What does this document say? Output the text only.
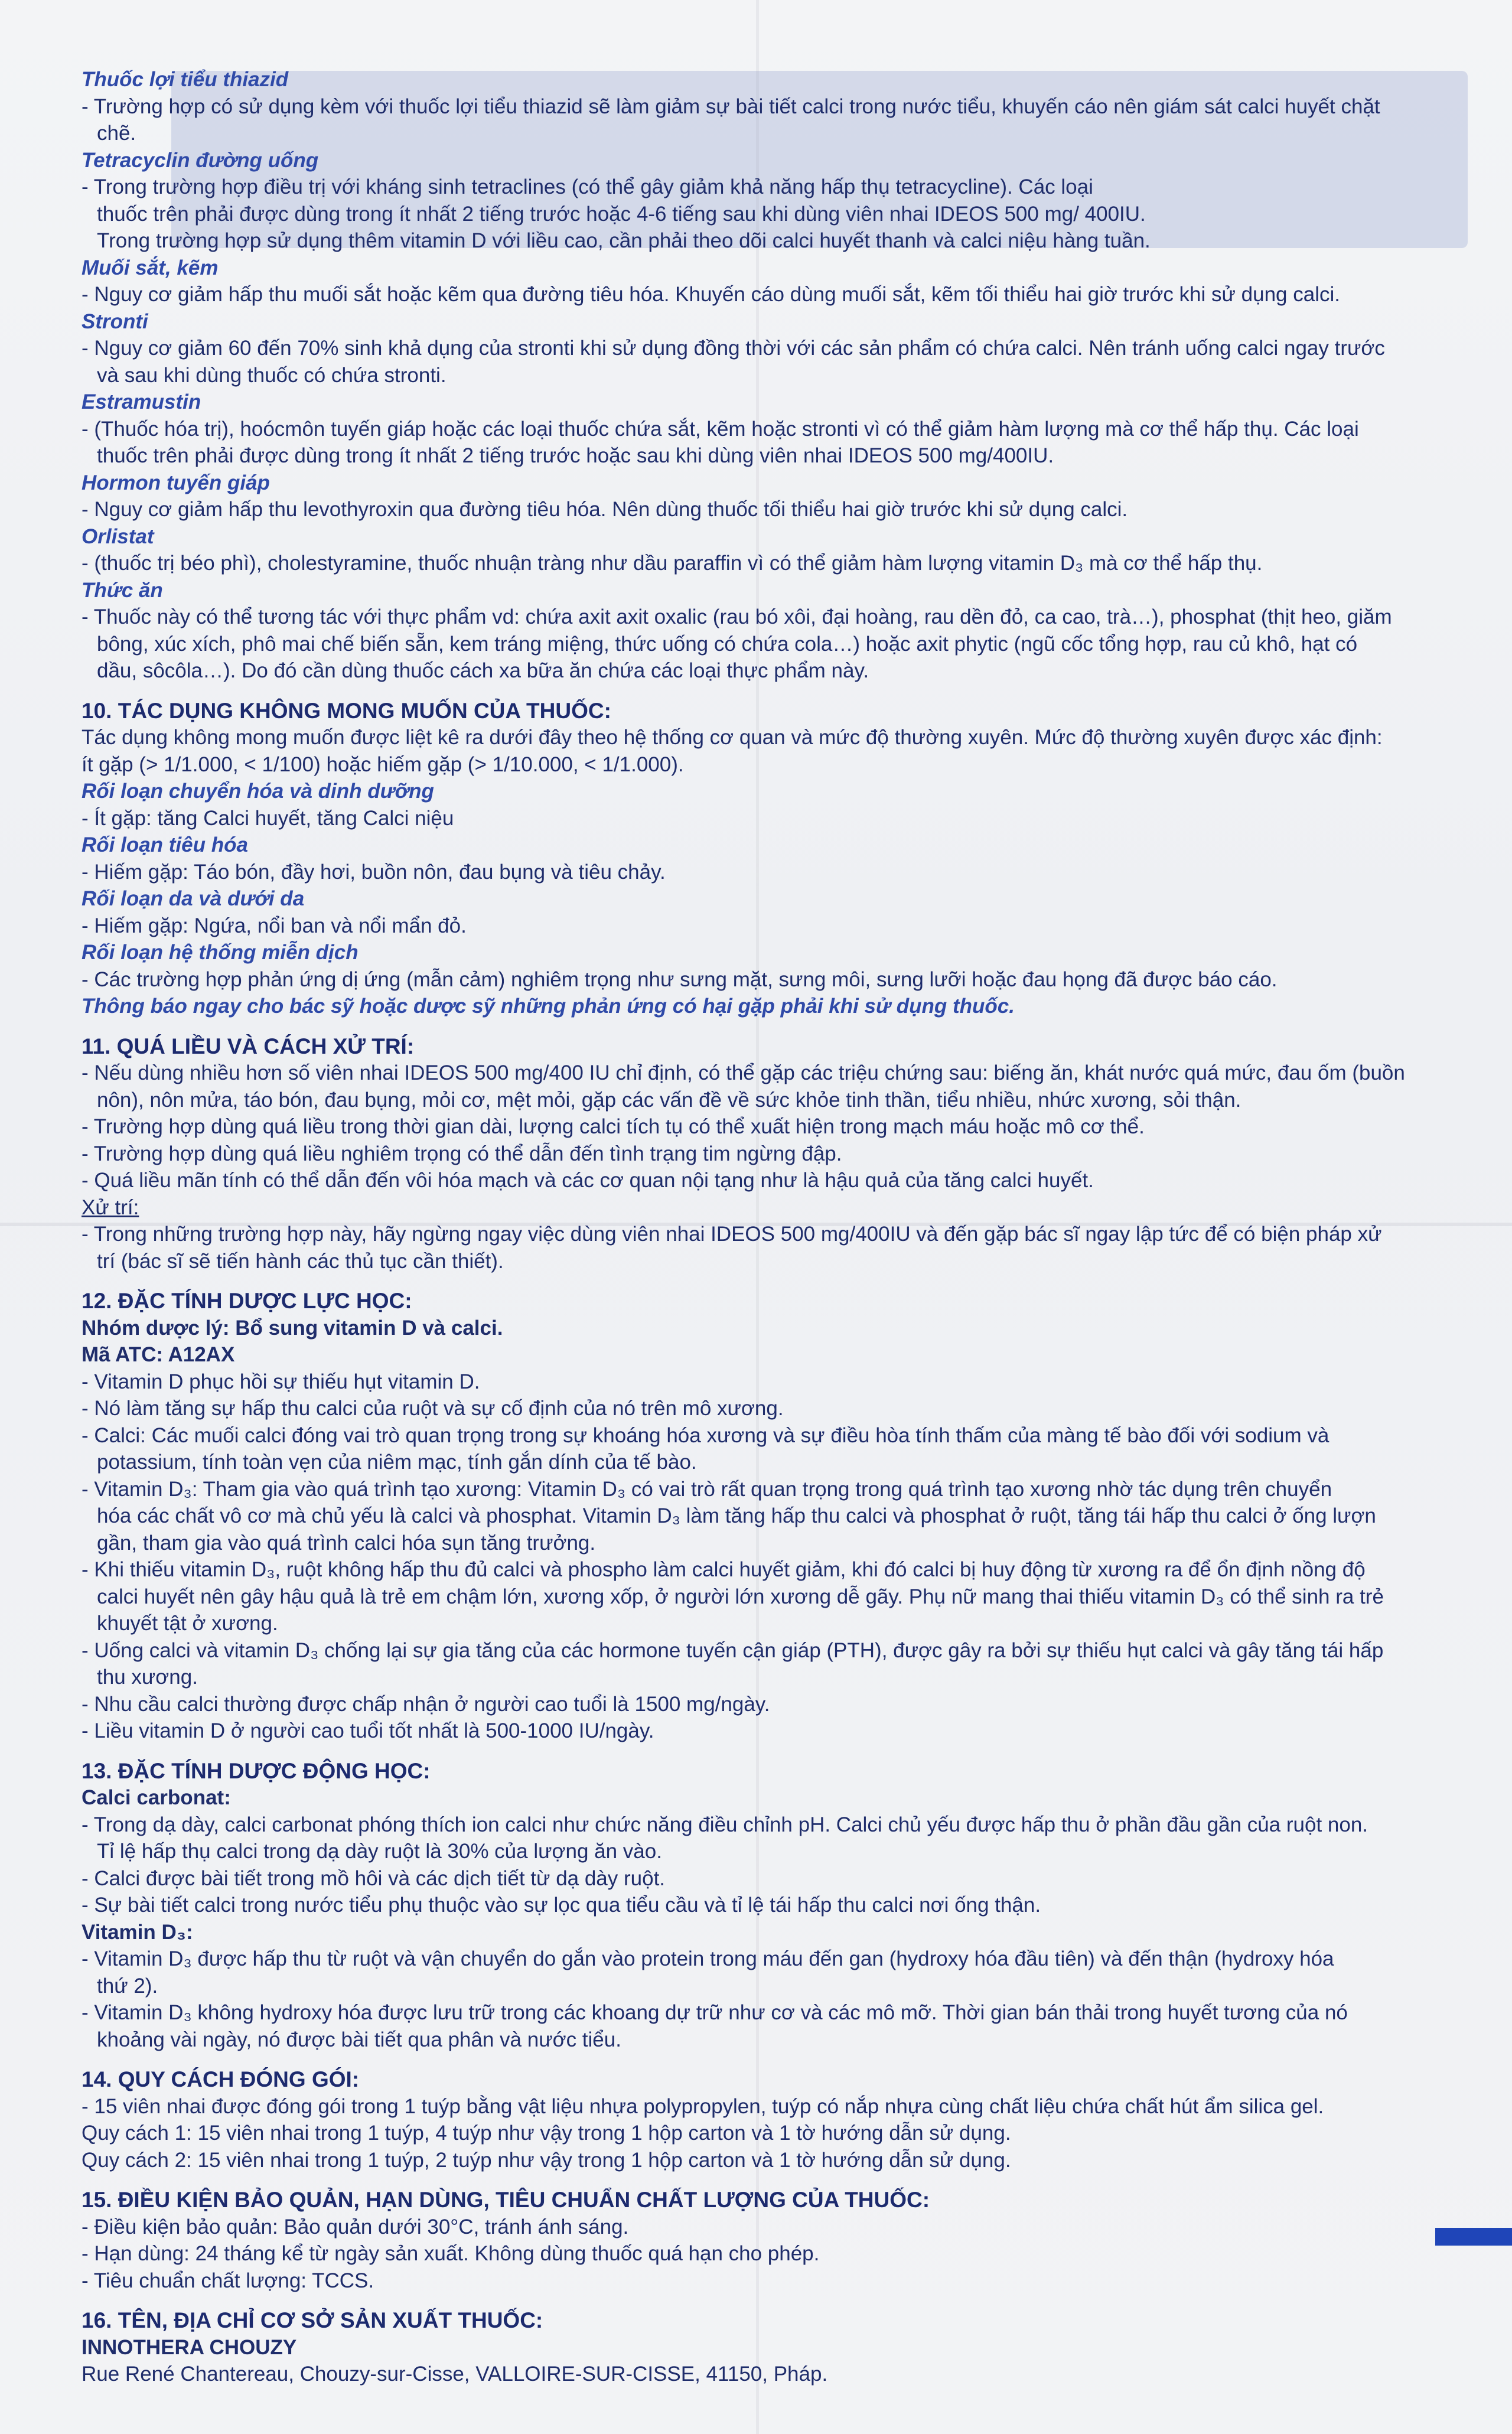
Thuốc lợi tiểu thiazid
- Trường hợp có sử dụng kèm với thuốc lợi tiểu thiazid sẽ làm giảm sự bài tiết calci trong nước tiểu, khuyến cáo nên giám sát calci huyết chặt
chẽ.
Tetracyclin đường uống
- Trong trường hợp điều trị với kháng sinh tetraclines (có thể gây giảm khả năng hấp thụ tetracycline). Các loại
thuốc trên phải được dùng trong ít nhất 2 tiếng trước hoặc 4-6 tiếng sau khi dùng viên nhai IDEOS 500 mg/ 400IU.
Trong trường hợp sử dụng thêm vitamin D với liều cao, cần phải theo dõi calci huyết thanh và calci niệu hàng tuần.
Muối sắt, kẽm
- Nguy cơ giảm hấp thu muối sắt hoặc kẽm qua đường tiêu hóa. Khuyến cáo dùng muối sắt, kẽm tối thiểu hai giờ trước khi sử dụng calci.
Stronti
- Nguy cơ giảm 60 đến 70% sinh khả dụng của stronti khi sử dụng đồng thời với các sản phẩm có chứa calci. Nên tránh uống calci ngay trước
và sau khi dùng thuốc có chứa stronti.
Estramustin
- (Thuốc hóa trị), hoócmôn tuyến giáp hoặc các loại thuốc chứa sắt, kẽm hoặc stronti vì có thể giảm hàm lượng mà cơ thể hấp thụ. Các loại
thuốc trên phải được dùng trong ít nhất 2 tiếng trước hoặc sau khi dùng viên nhai IDEOS 500 mg/400IU.
Hormon tuyến giáp
- Nguy cơ giảm hấp thu levothyroxin qua đường tiêu hóa. Nên dùng thuốc tối thiểu hai giờ trước khi sử dụng calci.
Orlistat
- (thuốc trị béo phì), cholestyramine, thuốc nhuận tràng như dầu paraffin vì có thể giảm hàm lượng vitamin D₃ mà cơ thể hấp thụ.
Thức ăn
- Thuốc này có thể tương tác với thực phẩm vd: chứa axit axit oxalic (rau bó xôi, đại hoàng, rau dền đỏ, ca cao, trà…), phosphat (thịt heo, giăm
bông, xúc xích, phô mai chế biến sẵn, kem tráng miệng, thức uống có chứa cola…) hoặc axit phytic (ngũ cốc tổng hợp, rau củ khô, hạt có
dầu, sôcôla…). Do đó cần dùng thuốc cách xa bữa ăn chứa các loại thực phẩm này.
10. TÁC DỤNG KHÔNG MONG MUỐN CỦA THUỐC:
Tác dụng không mong muốn được liệt kê ra dưới đây theo hệ thống cơ quan và mức độ thường xuyên. Mức độ thường xuyên được xác định:
ít gặp (> 1/1.000, < 1/100) hoặc hiếm gặp (> 1/10.000, < 1/1.000).
Rối loạn chuyển hóa và dinh dưỡng
- Ít gặp: tăng Calci huyết, tăng Calci niệu
Rối loạn tiêu hóa
- Hiếm gặp: Táo bón, đầy hơi, buồn nôn, đau bụng và tiêu chảy.
Rối loạn da và dưới da
- Hiếm gặp: Ngứa, nổi ban và nổi mẩn đỏ.
Rối loạn hệ thống miễn dịch
- Các trường hợp phản ứng dị ứng (mẫn cảm) nghiêm trọng như sưng mặt, sưng môi, sưng lưỡi hoặc đau họng đã được báo cáo.
Thông báo ngay cho bác sỹ hoặc dược sỹ những phản ứng có hại gặp phải khi sử dụng thuốc.
11. QUÁ LIỀU VÀ CÁCH XỬ TRÍ:
- Nếu dùng nhiều hơn số viên nhai IDEOS 500 mg/400 IU chỉ định, có thể gặp các triệu chứng sau: biếng ăn, khát nước quá mức, đau ốm (buồn
nôn), nôn mửa, táo bón, đau bụng, mỏi cơ, mệt mỏi, gặp các vấn đề về sức khỏe tinh thần, tiểu nhiều, nhức xương, sỏi thận.
- Trường hợp dùng quá liều trong thời gian dài, lượng calci tích tụ có thể xuất hiện trong mạch máu hoặc mô cơ thể.
- Trường hợp dùng quá liều nghiêm trọng có thể dẫn đến tình trạng tim ngừng đập.
- Quá liều mãn tính có thể dẫn đến vôi hóa mạch và các cơ quan nội tạng như là hậu quả của tăng calci huyết.
Xử trí:
- Trong những trường hợp này, hãy ngừng ngay việc dùng viên nhai IDEOS 500 mg/400IU và đến gặp bác sĩ ngay lập tức để có biện pháp xử
trí (bác sĩ sẽ tiến hành các thủ tục cần thiết).
12. ĐẶC TÍNH DƯỢC LỰC HỌC:
Nhóm dược lý: Bổ sung vitamin D và calci.
Mã ATC: A12AX
- Vitamin D phục hồi sự thiếu hụt vitamin D.
- Nó làm tăng sự hấp thu calci của ruột và sự cố định của nó trên mô xương.
- Calci: Các muối calci đóng vai trò quan trọng trong sự khoáng hóa xương và sự điều hòa tính thấm của màng tế bào đối với sodium và
potassium, tính toàn vẹn của niêm mạc, tính gắn dính của tế bào.
- Vitamin D₃: Tham gia vào quá trình tạo xương: Vitamin D₃ có vai trò rất quan trọng trong quá trình tạo xương nhờ tác dụng trên chuyển
hóa các chất vô cơ mà chủ yếu là calci và phosphat. Vitamin D₃ làm tăng hấp thu calci và phosphat ở ruột, tăng tái hấp thu calci ở ống lượn
gần, tham gia vào quá trình calci hóa sụn tăng trưởng.
- Khi thiếu vitamin D₃, ruột không hấp thu đủ calci và phospho làm calci huyết giảm, khi đó calci bị huy động từ xương ra để ổn định nồng độ
calci huyết nên gây hậu quả là trẻ em chậm lớn, xương xốp, ở người lớn xương dễ gãy. Phụ nữ mang thai thiếu vitamin D₃ có thể sinh ra trẻ khuyết tật ở xương.
- Uống calci và vitamin D₃ chống lại sự gia tăng của các hormone tuyến cận giáp (PTH), được gây ra bởi sự thiếu hụt calci và gây tăng tái hấp
thu xương.
- Nhu cầu calci thường được chấp nhận ở người cao tuổi là 1500 mg/ngày.
- Liều vitamin D ở người cao tuổi tốt nhất là 500-1000 IU/ngày.
13. ĐẶC TÍNH DƯỢC ĐỘNG HỌC:
Calci carbonat:
- Trong dạ dày, calci carbonat phóng thích ion calci như chức năng điều chỉnh pH. Calci chủ yếu được hấp thu ở phần đầu gần của ruột non.
Tỉ lệ hấp thụ calci trong dạ dày ruột là 30% của lượng ăn vào.
- Calci được bài tiết trong mồ hôi và các dịch tiết từ dạ dày ruột.
- Sự bài tiết calci trong nước tiểu phụ thuộc vào sự lọc qua tiểu cầu và tỉ lệ tái hấp thu calci nơi ống thận.
Vitamin D₃:
- Vitamin D₃ được hấp thu từ ruột và vận chuyển do gắn vào protein trong máu đến gan (hydroxy hóa đầu tiên) và đến thận (hydroxy hóa
thứ 2).
- Vitamin D₃ không hydroxy hóa được lưu trữ trong các khoang dự trữ như cơ và các mô mỡ. Thời gian bán thải trong huyết tương của nó
khoảng vài ngày, nó được bài tiết qua phân và nước tiểu.
14. QUY CÁCH ĐÓNG GÓI:
- 15 viên nhai được đóng gói trong 1 tuýp bằng vật liệu nhựa polypropylen, tuýp có nắp nhựa cùng chất liệu chứa chất hút ẩm silica gel.
Quy cách 1: 15 viên nhai trong 1 tuýp, 4 tuýp như vậy trong 1 hộp carton và 1 tờ hướng dẫn sử dụng.
Quy cách 2: 15 viên nhai trong 1 tuýp, 2 tuýp như vậy trong 1 hộp carton và 1 tờ hướng dẫn sử dụng.
15. ĐIỀU KIỆN BẢO QUẢN, HẠN DÙNG, TIÊU CHUẨN CHẤT LƯỢNG CỦA THUỐC:
- Điều kiện bảo quản: Bảo quản dưới 30°C, tránh ánh sáng.
- Hạn dùng: 24 tháng kể từ ngày sản xuất. Không dùng thuốc quá hạn cho phép.
- Tiêu chuẩn chất lượng: TCCS.
16. TÊN, ĐỊA CHỈ CƠ SỞ SẢN XUẤT THUỐC:
INNOTHERA CHOUZY
Rue René Chantereau, Chouzy-sur-Cisse, VALLOIRE-SUR-CISSE, 41150, Pháp.
